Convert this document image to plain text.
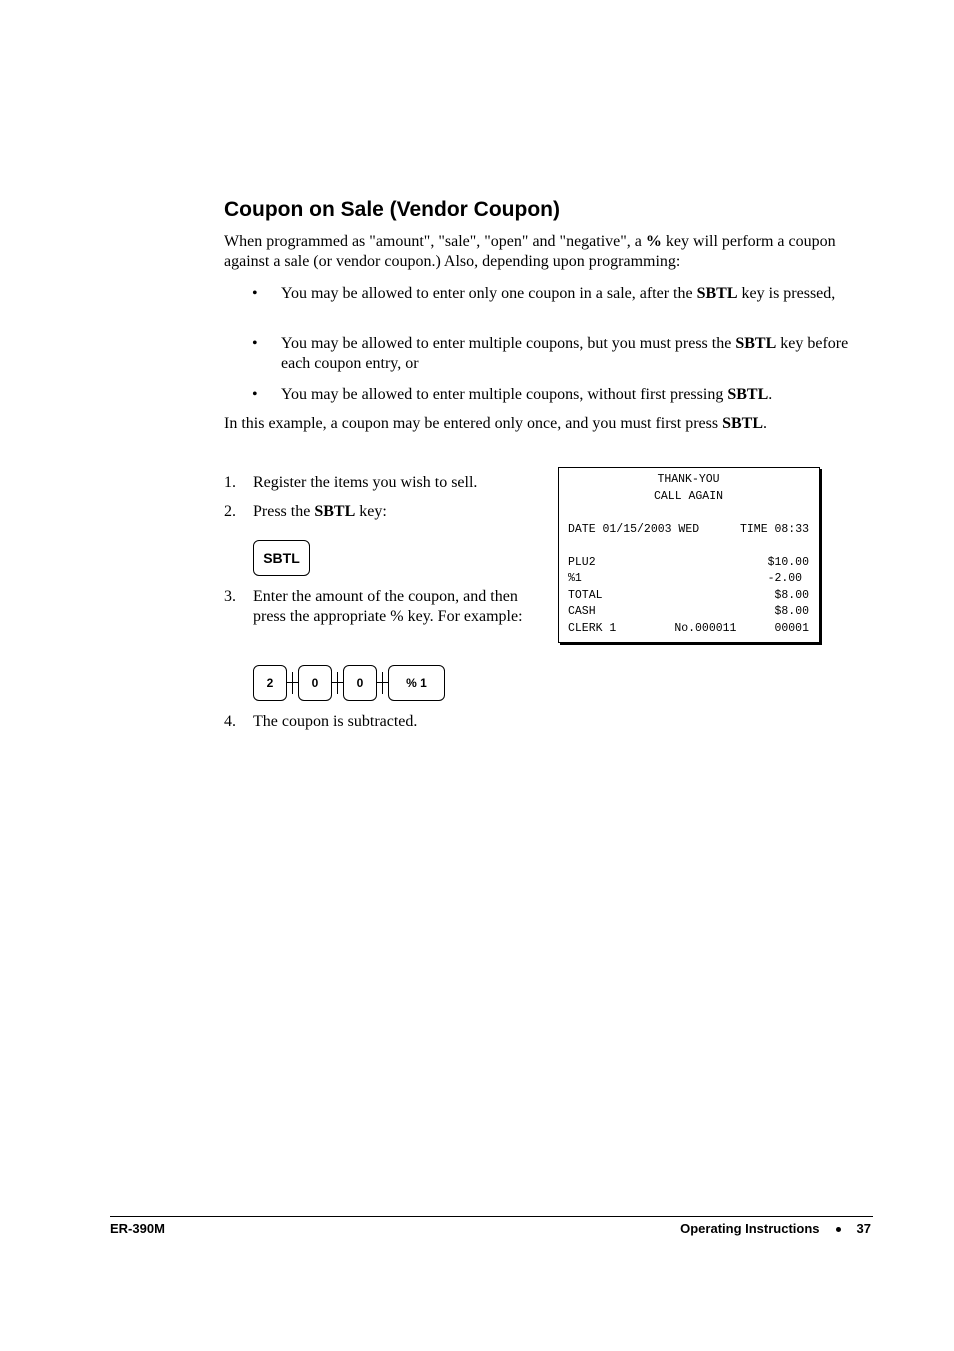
Coupon on Sale (Vendor Coupon)

When programmed as "amount", "sale", "open" and "negative", a % key will perform a coupon against a sale (or vendor coupon.) Also, depending upon programming:

• You may be allowed to enter only one coupon in a sale, after the SBTL key is pressed,

• You may be allowed to enter multiple coupons, but you must press the SBTL key before each coupon entry, or

• You may be allowed to enter multiple coupons, without first pressing SBTL.

In this example, a coupon may be entered only once, and you must first press SBTL.

1. Register the items you wish to sell.

2. Press the SBTL key:

SBTL
3. Enter the amount of the coupon, and then press the appropriate % key. For example:

2	0	0	% 1
4. The coupon is subtracted.

THANK-YOU
CALL AGAIN
DATE 01/15/2003 WED	TIME 08:33
PLU2	$10.00
%1	-2.00
TOTAL	$8.00
CASH	$8.00
CLERK 1	No.000011	00001
ER-390M	Operating Instructions	37
